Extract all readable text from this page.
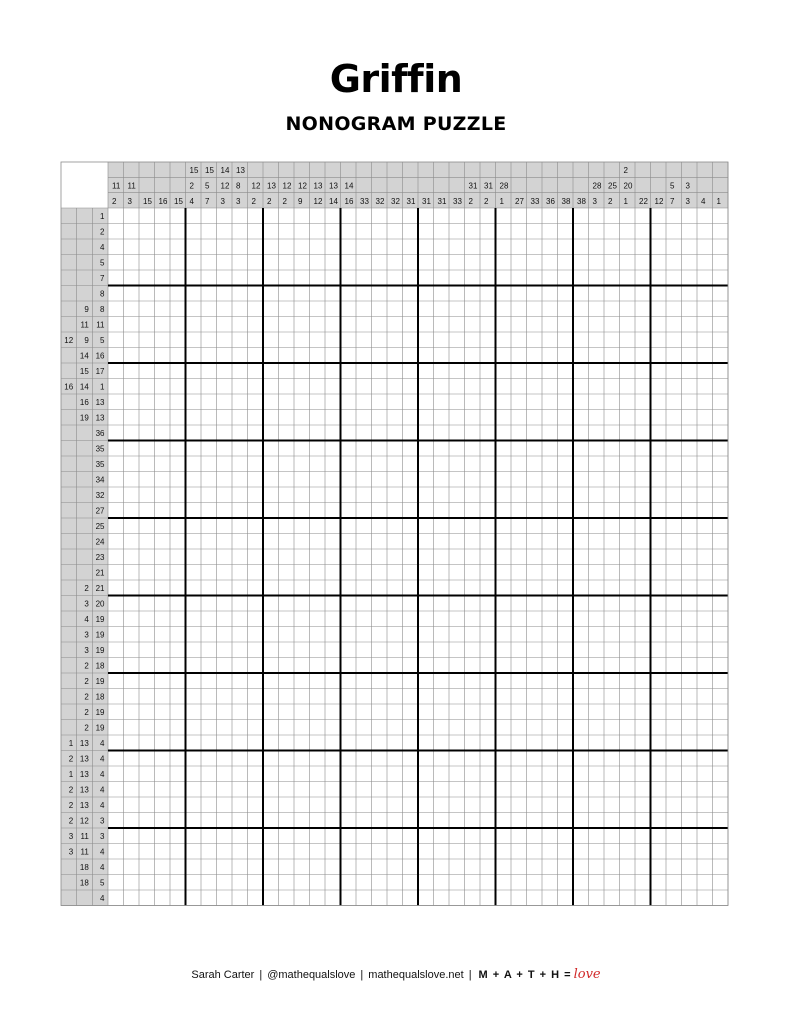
Griffin
NONOGRAM PUZZLE
11
2
11
3 15 16 15
15
2
4
15
5
7
14
12
3
13
8
3
12
2
13
2
12
2
12
9
13
12
13
14
14
16 33 32 32 31 31 31 33
31
2
31
2
28
1 27 33 36 38 38
28
3
25
2
2
20
1 22 12
5
7
3
3 4 1
1
2
4
5
7
8
9 8
11 11
12 9 5
14 16
15 17
16 14 1
16 13
19 13
36
35
35
34
32
27
25
24
23
21
2 21
3 20
4 19
3 19
3 19
2 18
2 19
2 18
2 19
2 19
1 13 4
2 13 4
1 13 4
2 13 4
2 13 4
2 12 3
3 11 3
3 11 4
18 4
18 5
4
Sarah Carter | @mathequalslove | mathequalslove.net | M + A + T + H = love
